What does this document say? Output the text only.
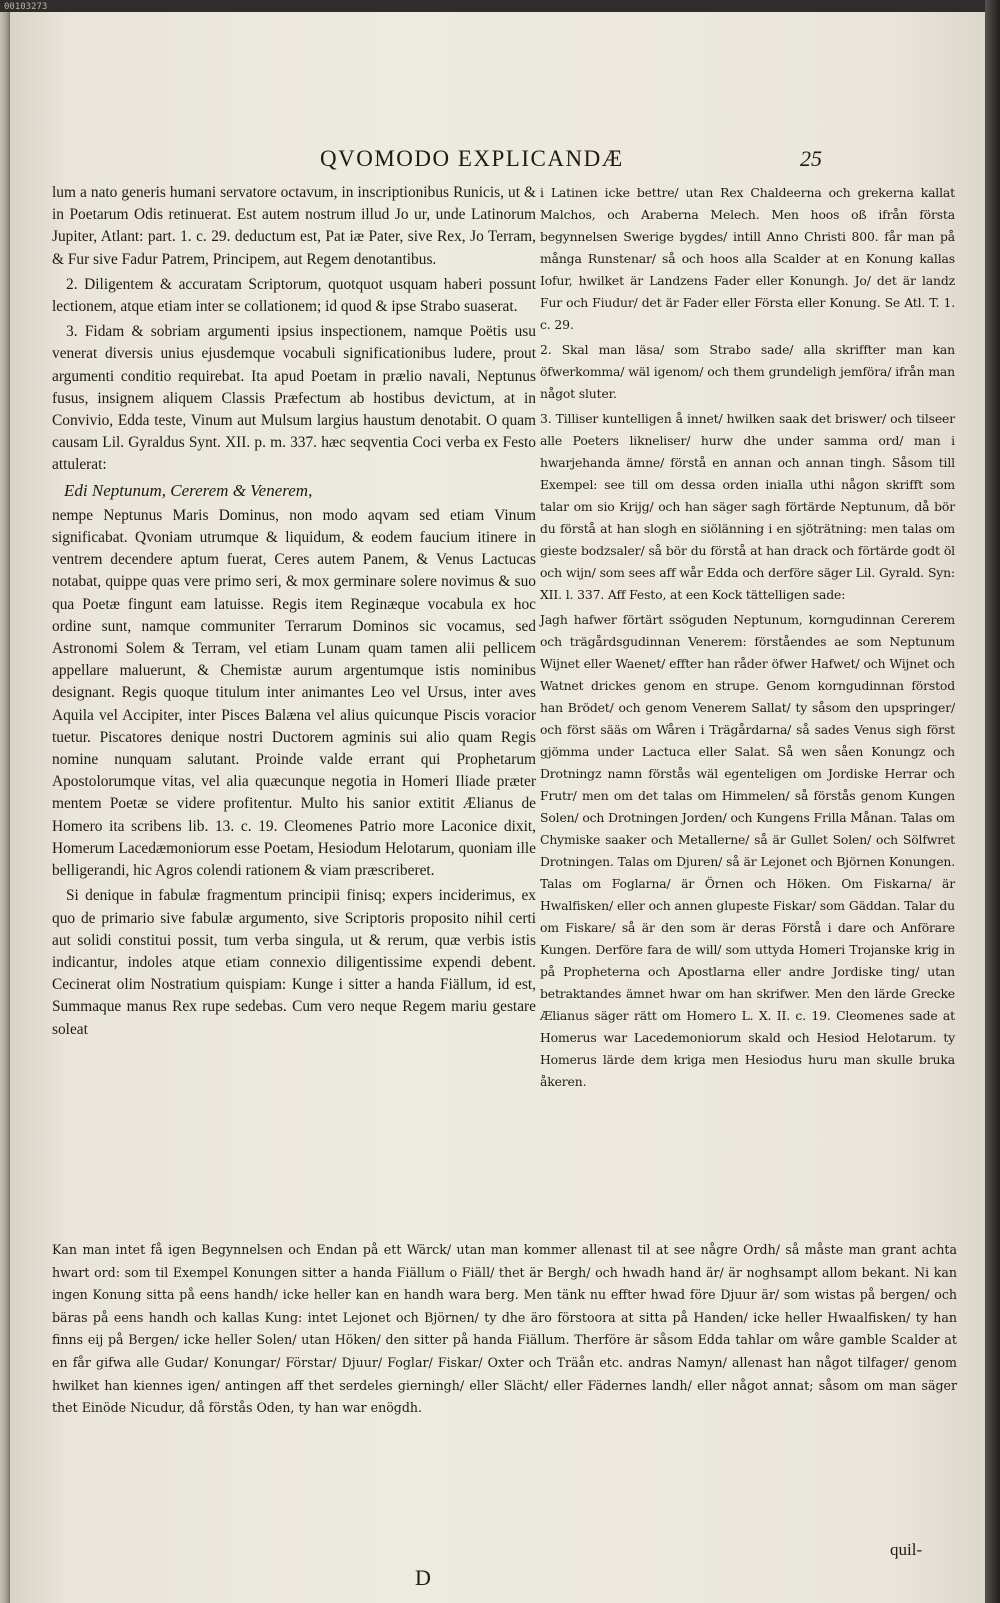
00103273
QVOMODO EXPLICANDÆ	25

lum a nato generis humani servatore octavum, in inscriptionibus Runicis, ut & in Poetarum Odis retinuerat. Est autem nostrum illud Jo ur, unde Latinorum Jupiter, Atlant: part. 1. c. 29. deductum est, Pat iæ Pater, sive Rex, Jo Terram, & Fur sive Fadur Patrem, Principem, aut Regem denotantibus.

2. Diligentem & accuratam Scriptorum, quotquot usquam haberi possunt lectionem, atque etiam inter se collationem; id quod & ipse Strabo suaserat.

3. Fidam & sobriam argumenti ipsius inspectionem, namque Poëtis usu venerat diversis unius ejusdemque vocabuli significationibus ludere, prout argumenti conditio requirebat. Ita apud Poetam in prælio navali, Neptunus fusus, insignem aliquem Classis Præfectum ab hostibus devictum, at in Convivio, Edda teste, Vinum aut Mulsum largius haustum denotabit. O quam causam Lil. Gyraldus Synt. XII. p. m. 337. hæc seqventia Coci verba ex Festo attulerat:

Edi Neptunum, Cererem & Venerem,

nempe Neptunus Maris Dominus, non modo aqvam sed etiam Vinum significabat. Qvoniam utrumque & liquidum, & eodem faucium itinere in ventrem decendere aptum fuerat, Ceres autem Panem, & Venus Lactucas notabat, quippe quas vere primo seri, & mox germinare solere novimus & suo qua Poetæ fingunt eam latuisse. Regis item Reginæque vocabula ex hoc ordine sunt, namque communiter Terrarum Dominos sic vocamus, sed Astronomi Solem & Terram, vel etiam Lunam quam tamen alii pellicem appellare maluerunt, & Chemistæ aurum argentumque istis nominibus designant. Regis quoque titulum inter animantes Leo vel Ursus, inter aves Aquila vel Accipiter, inter Pisces Balæna vel alius quicunque Piscis voracior tuetur. Piscatores denique nostri Ductorem agminis sui alio quam Regis nomine nunquam salutant. Proinde valde errant qui Prophetarum Apostolorumque vitas, vel alia quæcunque negotia in Homeri Iliade præter mentem Poetæ se videre profitentur. Multo his sanior extitit Ælianus de Homero ita scribens lib. 13. c. 19. Cleomenes Patrio more Laconice dixit, Homerum Lacedæmoniorum esse Poetam, Hesiodum Helotarum, quoniam ille belligerandi, hic Agros colendi rationem & viam præscriberet.

Si denique in fabulæ fragmentum principii finisq; expers inciderimus, ex quo de primario sive fabulæ argumento, sive Scriptoris proposito nihil certi aut solidi constitui possit, tum verba singula, ut & rerum, quæ verbis istis indicantur, indoles atque etiam connexio diligentissime expendi debent. Cecinerat olim Nostratium quispiam: Kunge i sitter a handa Fiällum, id est, Summaque manus Rex rupe sedebas. Cum vero neque Regem mariu gestare soleat

i Latinen icke bettre/ utan Rex Chaldeerna och grekerna kallat Malchos, och Araberna Melech. Men hoos oß ifrån första begynnelsen Swerige bygdes/ intill Anno Christi 800. får man på många Runstenar/ så och hoos alla Scalder at en Konung kallas Iofur, hwilket är Landzens Fader eller Konungh. Jo/ det är landz Fur och Fiudur/ det är Fader eller Första eller Konung. Se Atl. T. 1. c. 29.

2. Skal man läsa/ som Strabo sade/ alla skriffter man kan öfwerkomma/ wäl igenom/ och them grundeligh jemföra/ ifrån man något sluter.

3. Tilliser kuntelligen å innet/ hwilken saak det briswer/ och tilseer alle Poeters likneliser/ hurw dhe under samma ord/ man i hwarjehanda ämne/ förstå en annan och annan tingh. Såsom till Exempel: see till om dessa orden inialla uthi någon skrifft som talar om sio Krijg/ och han säger sagh förtärde Neptunum, då bör du förstå at han slogh en siölänning i en sjöträtning: men talas om gieste bodzsaler/ så bör du förstå at han drack och förtärde godt öl och wijn/ som sees aff wår Edda och derföre säger Lil. Gyrald. Syn: XII. l. 337. Aff Festo, at een Kock tättelligen sade:

Jagh hafwer förtärt ssöguden Neptunum, korngudinnan Cererem och trägårdsgudinnan Venerem: förståendes ae som Neptunum Wijnet eller Waenet/ effter han råder öfwer Hafwet/ och Wijnet och Watnet drickes genom en strupe. Genom korngudinnan förstod han Brödet/ och genom Venerem Sallat/ ty såsom den upspringer/ och först sääs om Wåren i Trägårdarna/ så sades Venus sigh först gjömma under Lactuca eller Salat. Så wen såen Konungz och Drotningz namn förstås wäl egenteligen om Jordiske Herrar och Frutr/ men om det talas om Himmelen/ så förstås genom Kungen Solen/ och Drotningen Jorden/ och Kungens Frilla Månan. Talas om Chymiske saaker och Metallerne/ så är Gullet Solen/ och Sölfwret Drotningen. Talas om Djuren/ så är Lejonet och Björnen Konungen. Talas om Foglarna/ är Örnen och Höken. Om Fiskarna/ är Hwalfisken/ eller och annen glupeste Fiskar/ som Gäddan. Talar du om Fiskare/ så är den som är deras Förstå i dare och Anförare Kungen. Derföre fara de will/ som uttyda Homeri Trojanske krig in på Propheterna och Apostlarna eller andre Jordiske ting/ utan betraktandes ämnet hwar om han skrifwer. Men den lärde Grecke Ælianus säger rätt om Homero L. X. II. c. 19. Cleomenes sade at Homerus war Lacedemoniorum skald och Hesiod Helotarum. ty Homerus lärde dem kriga men Hesiodus huru man skulle bruka åkeren.

Kan man intet få igen Begynnelsen och Endan på ett Wärck/ utan man kommer allenast til at see någre Ordh/ så måste man grant achta hwart ord: som til Exempel Konungen sitter a handa Fiällum o Fiäll/ thet är Bergh/ och hwadh hand är/ är noghsampt allom bekant. Ni kan ingen Konung sitta på eens handh/ icke heller kan en handh wara berg. Men tänk nu effter hwad före Djuur är/ som wistas på bergen/ och bäras på eens handh och kallas Kung: intet Lejonet och Björnen/ ty dhe äro förstoora at sitta på Handen/ icke heller Hwaalfisken/ ty han finns eij på Bergen/ icke heller Solen/ utan Höken/ den sitter på handa Fiällum. Therföre är såsom Edda tahlar om wåre gamble Scalder at en får gifwa alle Gudar/ Konungar/ Förstar/ Djuur/ Foglar/ Fiskar/ Oxter och Träån etc. andras Namyn/ allenast han något tilfager/ genom hwilket han kiennes igen/ antingen aff thet serdeles gierningh/ eller Slächt/ eller Fädernes landh/ eller något annat; såsom om man säger thet Einöde Nicudur, då förstås Oden, ty han war enögdh.

quil-
D
